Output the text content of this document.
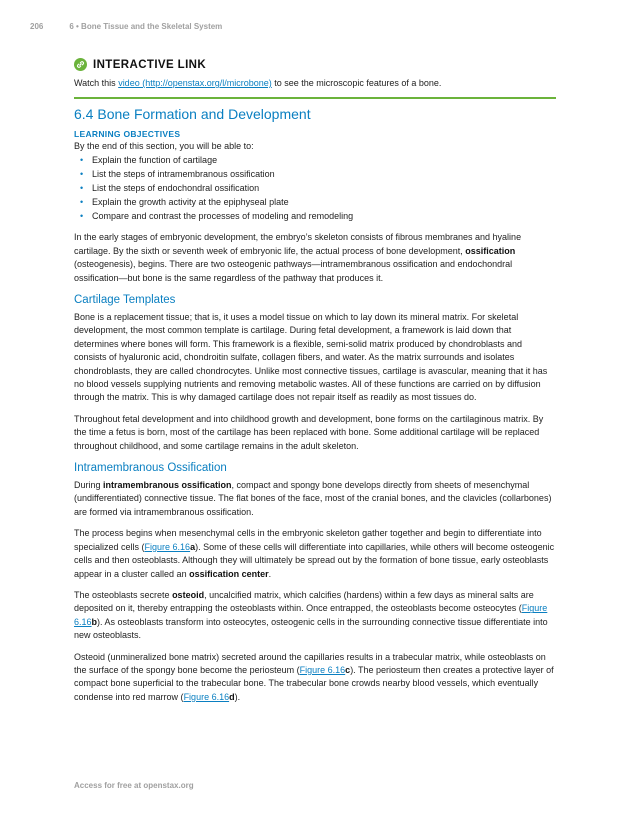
206	6 • Bone Tissue and the Skeletal System
INTERACTIVE LINK
Watch this video (http://openstax.org/l/microbone) to see the microscopic features of a bone.
6.4 Bone Formation and Development
LEARNING OBJECTIVES

By the end of this section, you will be able to:

• Explain the function of cartilage
• List the steps of intramembranous ossification
• List the steps of endochondral ossification
• Explain the growth activity at the epiphyseal plate
• Compare and contrast the processes of modeling and remodeling

In the early stages of embryonic development, the embryo’s skeleton consists of fibrous membranes and hyaline cartilage. By the sixth or seventh week of embryonic life, the actual process of bone development, ossification (osteogenesis), begins. There are two osteogenic pathways—intramembranous ossification and endochondral ossification—but bone is the same regardless of the pathway that produces it.

Cartilage Templates

Bone is a replacement tissue; that is, it uses a model tissue on which to lay down its mineral matrix. For skeletal development, the most common template is cartilage. During fetal development, a framework is laid down that determines where bones will form. This framework is a flexible, semi-solid matrix produced by chondroblasts and consists of hyaluronic acid, chondroitin sulfate, collagen fibers, and water. As the matrix surrounds and isolates chondroblasts, they are called chondrocytes. Unlike most connective tissues, cartilage is avascular, meaning that it has no blood vessels supplying nutrients and removing metabolic wastes. All of these functions are carried on by diffusion through the matrix. This is why damaged cartilage does not repair itself as readily as most tissues do.

Throughout fetal development and into childhood growth and development, bone forms on the cartilaginous matrix. By the time a fetus is born, most of the cartilage has been replaced with bone. Some additional cartilage will be replaced throughout childhood, and some cartilage remains in the adult skeleton.

Intramembranous Ossification

During intramembranous ossification, compact and spongy bone develops directly from sheets of mesenchymal (undifferentiated) connective tissue. The flat bones of the face, most of the cranial bones, and the clavicles (collarbones) are formed via intramembranous ossification.

The process begins when mesenchymal cells in the embryonic skeleton gather together and begin to differentiate into specialized cells (Figure 6.16a). Some of these cells will differentiate into capillaries, while others will become osteogenic cells and then osteoblasts. Although they will ultimately be spread out by the formation of bone tissue, early osteoblasts appear in a cluster called an ossification center.

The osteoblasts secrete osteoid, uncalcified matrix, which calcifies (hardens) within a few days as mineral salts are deposited on it, thereby entrapping the osteoblasts within. Once entrapped, the osteoblasts become osteocytes (Figure 6.16b). As osteoblasts transform into osteocytes, osteogenic cells in the surrounding connective tissue differentiate into new osteoblasts.

Osteoid (unmineralized bone matrix) secreted around the capillaries results in a trabecular matrix, while osteoblasts on the surface of the spongy bone become the periosteum (Figure 6.16c). The periosteum then creates a protective layer of compact bone superficial to the trabecular bone. The trabecular bone crowds nearby blood vessels, which eventually condense into red marrow (Figure 6.16d).

Access for free at openstax.org
